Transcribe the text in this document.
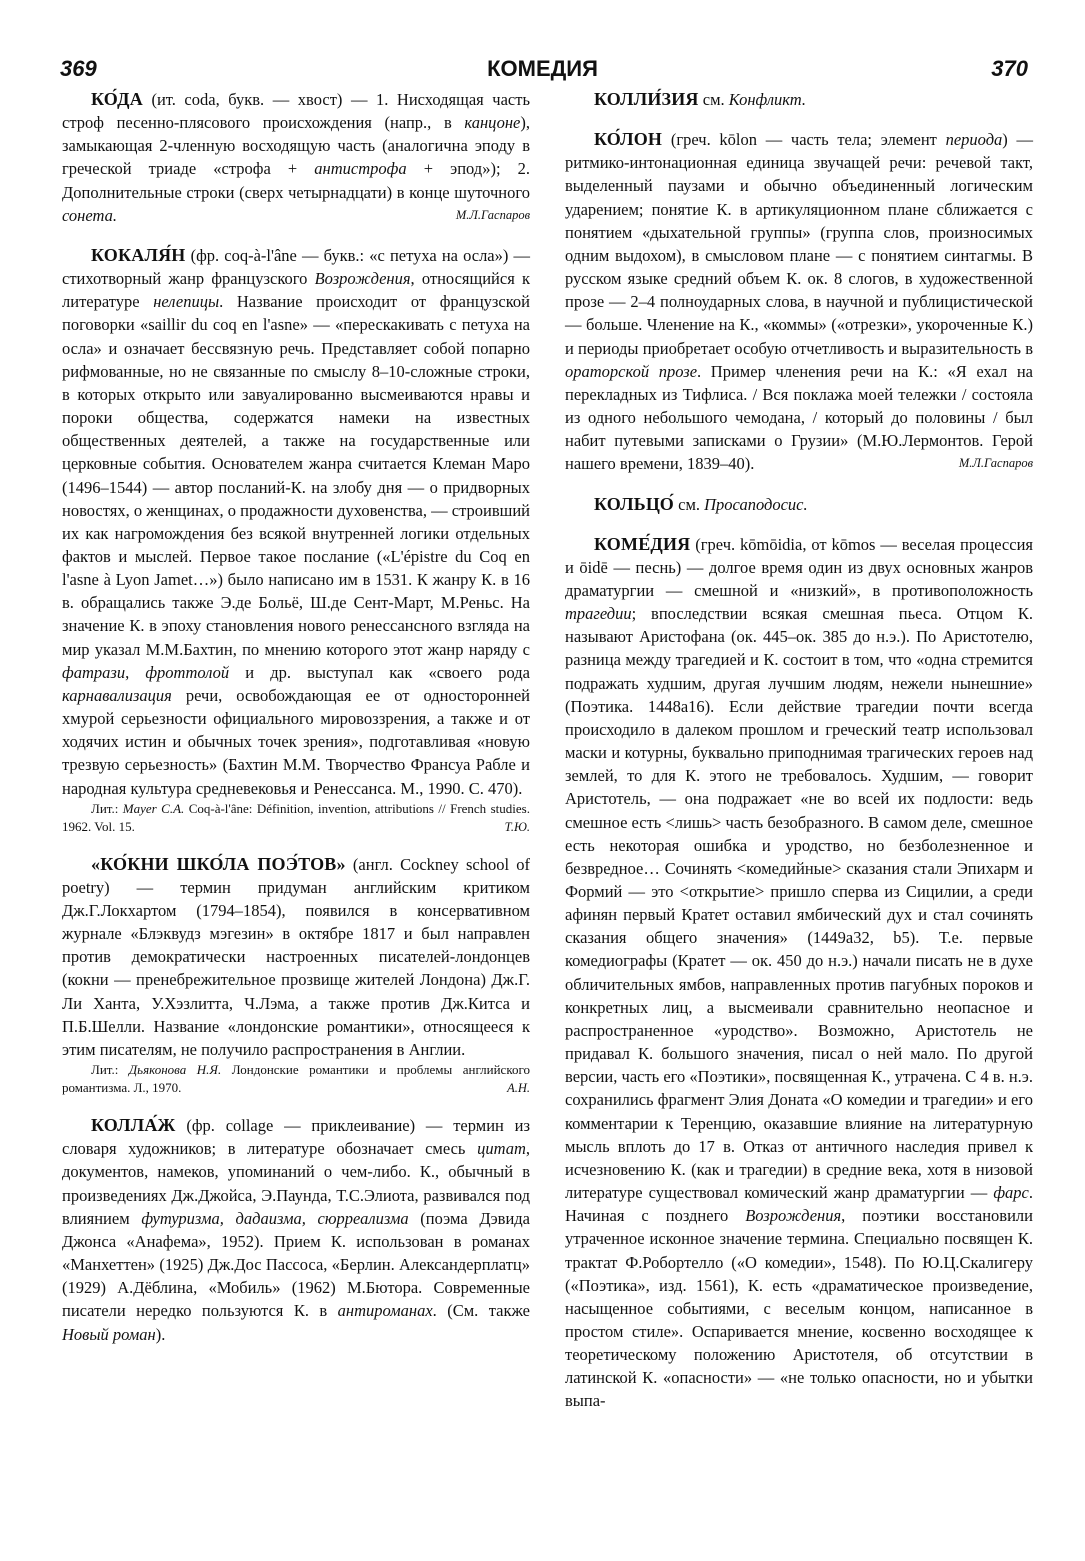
369	КОМЕДИЯ	370

КО́ДА (ит. coda, букв. — хвост) — 1. Нисходящая часть строф песенно-плясового происхождения (напр., в канцоне), замыкающая 2-членную восходящую часть (аналогична эподу в греческой триаде «строфа + антистрофа + эпод»); 2. Дополнительные строки (сверх четырнадцати) в конце шуточного сонета.	М.Л.Гаспаров

КОКАЛЯ́Н (фр. coq-à-l'âne — букв.: «с петуха на осла») — стихотворный жанр французского Возрождения, относящийся к литературе нелепицы. Название происходит от французской поговорки «saillir du coq en l'asne» — «перескакивать с петуха на осла» и означает бессвязную речь. Представляет собой попарно рифмованные, но не связанные по смыслу 8–10-сложные строки, в которых открыто или завуалированно высмеиваются нравы и пороки общества, содержатся намеки на известных общественных деятелей, а также на государственные или церковные события. Основателем жанра считается Клеман Маро (1496–1544) — автор посланий-К. на злобу дня — о придворных новостях, о женщинах, о продажности духовенства, — строивший их как нагромождения без всякой внутренней логики отдельных фактов и мыслей. Первое такое послание («L'épistre du Coq en l'asne à Lyon Jamet…») было написано им в 1531. К жанру К. в 16 в. обращались также Э.де Больё, Ш.де Сент-Март, М.Реньс. На значение К. в эпоху становления нового ренессансного взгляда на мир указал М.М.Бахтин, по мнению которого этот жанр наряду с фатрази, фроттолой и др. выступал как «своего рода карнавализация речи, освобождающая ее от односторонней хмурой серьезности официального мировоззрения, а также и от ходячих истин и обычных точек зрения», подготавливая «новую трезвую серьезность» (Бахтин М.М. Творчество Франсуа Рабле и народная культура средневековья и Ренессанса. М., 1990. С. 470).

Лит.: Mayer C.A. Coq-à-l'âne: Définition, invention, attributions // French studies. 1962. Vol. 15.	Т.Ю.

«КО́КНИ ШКО́ЛА ПОЭ́ТОВ» (англ. Cockney school of poetry) — термин придуман английским критиком Дж.Г.Локхартом (1794–1854), появился в консервативном журнале «Блэквудз мэгезин» в октябре 1817 и был направлен против демократически настроенных писателей-лондонцев (кокни — пренебрежительное прозвище жителей Лондона) Дж.Г. Ли Ханта, У.Хэзлитта, Ч.Лэма, а также против Дж.Китса и П.Б.Шелли. Название «лондонские романтики», относящееся к этим писателям, не получило распространения в Англии.

Лит.: Дьяконова Н.Я. Лондонские романтики и проблемы английского романтизма. Л., 1970.	А.Н.

КОЛЛА́Ж (фр. collage — приклеивание) — термин из словаря художников; в литературе обозначает смесь цитат, документов, намеков, упоминаний о чем-либо. К., обычный в произведениях Дж.Джойса, Э.Паунда, Т.С.Элиота, развивался под влиянием футуризма, дадаизма, сюрреализма (поэма Дэвида Джонса «Анафема», 1952). Прием К. использован в романах «Манхеттен» (1925) Дж.Дос Пассоса, «Берлин. Александерплатц» (1929) А.Дёблина, «Мобиль» (1962) М.Бютора. Современные писатели нередко пользуются К. в антироманах. (См. также Новый роман).

КОЛЛИ́ЗИЯ см. Конфликт.

КО́ЛОН (греч. kōlon — часть тела; элемент периода) — ритмико-интонационная единица звучащей речи: речевой такт, выделенный паузами и обычно объединенный логическим ударением; понятие К. в артикуляционном плане сближается с понятием «дыхательной группы» (группа слов, произносимых одним выдохом), в смысловом плане — с понятием синтагмы. В русском языке средний объем К. ок. 8 слогов, в художественной прозе — 2–4 полноударных слова, в научной и публицистической — больше. Членение на К., «коммы» («отрезки», укороченные К.) и периоды приобретает особую отчетливость и выразительность в ораторской прозе. Пример членения речи на К.: «Я ехал на перекладных из Тифлиса. / Вся поклажа моей тележки / состояла из одного небольшого чемодана, / который до половины / был набит путевыми записками о Грузии» (М.Ю.Лермонтов. Герой нашего времени, 1839–40).	М.Л.Гаспаров

КОЛЬЦО́ см. Просаподосис.

КОМЕ́ДИЯ (греч. kōmōidia, от kōmos — веселая процессия и ōidē — песнь) — долгое время один из двух основных жанров драматургии — смешной и «низкий», в противоположность трагедии; впоследствии всякая смешная пьеса. Отцом К. называют Аристофана (ок. 445–ок. 385 до н.э.). По Аристотелю, разница между трагедией и К. состоит в том, что «одна стремится подражать худшим, другая лучшим людям, нежели нынешние» (Поэтика. 1448a16). Если действие трагедии почти всегда происходило в далеком прошлом и греческий театр использовал маски и котурны, буквально приподнимая трагических героев над землей, то для К. этого не требовалось. Худшим, — говорит Аристотель, — она подражает «не во всей их подлости: ведь смешное есть <лишь> часть безобразного. В самом деле, смешное есть некоторая ошибка и уродство, но безболезненное и безвредное… Сочинять <комедийные> сказания стали Эпихарм и Формий — это <открытие> пришло сперва из Сицилии, а среди афинян первый Кратет оставил ямбический дух и стал сочинять сказания общего значения» (1449a32, b5). Т.е. первые комедиографы (Кратет — ок. 450 до н.э.) начали писать не в духе обличительных ямбов, направленных против пагубных пороков и конкретных лиц, а высмеивали сравнительно неопасное и распространенное «уродство». Возможно, Аристотель не придавал К. большого значения, писал о ней мало. По другой версии, часть его «Поэтики», посвященная К., утрачена. С 4 в. н.э. сохранились фрагмент Элия Доната «О комедии и трагедии» и его комментарии к Теренцию, оказавшие влияние на литературную мысль вплоть до 17 в. Отказ от античного наследия привел к исчезновению К. (как и трагедии) в средние века, хотя в низовой литературе существовал комический жанр драматургии — фарс. Начиная с позднего Возрождения, поэтики восстановили утраченное исконное значение термина. Специально посвящен К. трактат Ф.Робортелло («О комедии», 1548). По Ю.Ц.Скалигеру («Поэтика», изд. 1561), К. есть «драматическое произведение, насыщенное событиями, с веселым концом, написанное в простом стиле». Оспаривается мнение, косвенно восходящее к теоретическому положению Аристотеля, об отсутствии в латинской К. «опасности» — «не только опасности, но и убытки выпа-
